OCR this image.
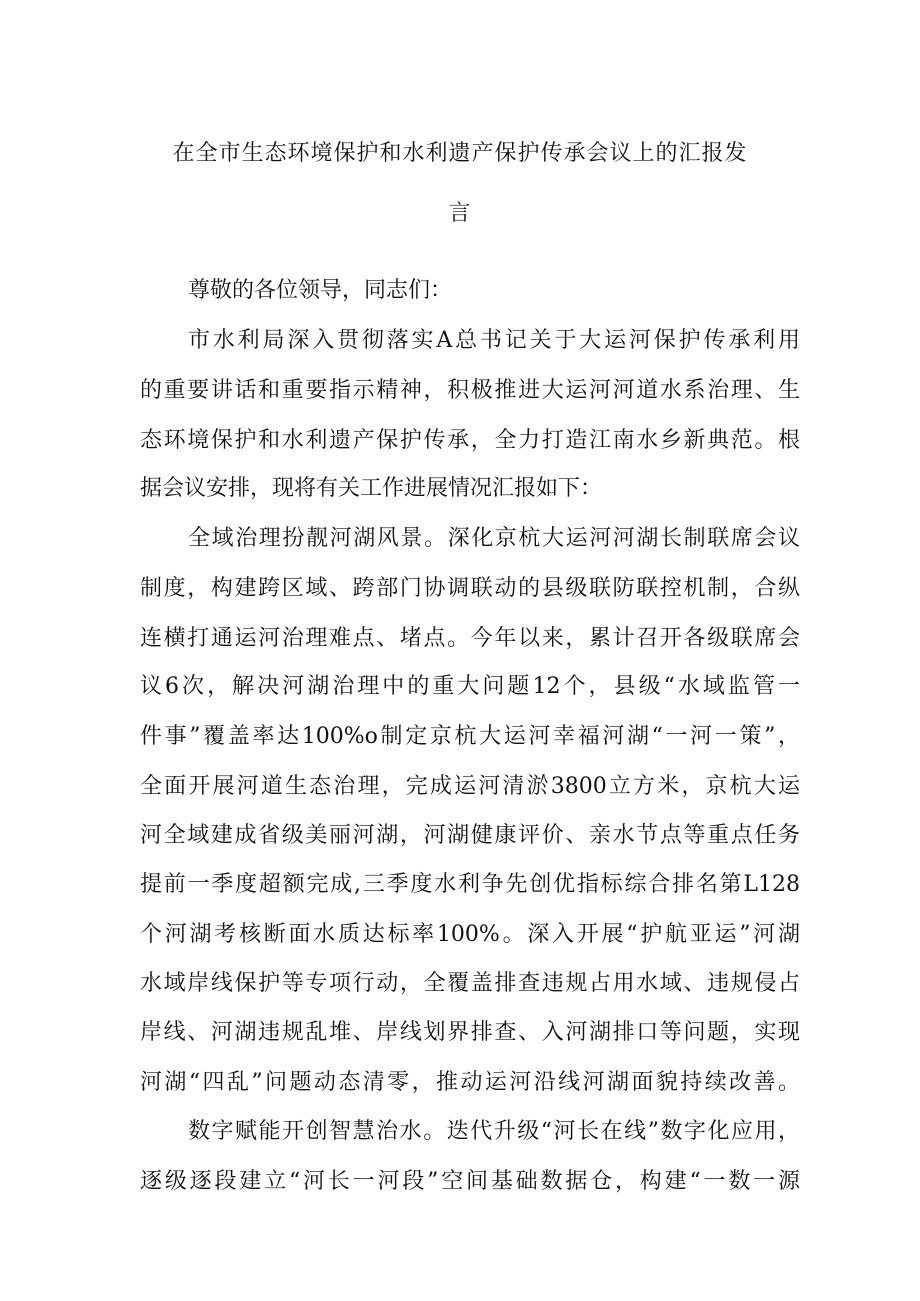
在全市生态环境保护和水利遗产保护传承会议上的汇报发
言
尊敬的各位领导，同志们：
市水利局深入贯彻落实A总书记关于大运河保护传承利用
的重要讲话和重要指示精神，积极推进大运河河道水系治理、生
态环境保护和水利遗产保护传承，全力打造江南水乡新典范。根
据会议安排，现将有关工作进展情况汇报如下：
全域治理扮靓河湖风景。深化京杭大运河河湖长制联席会议
制度，构建跨区域、跨部门协调联动的县级联防联控机制，合纵
连横打通运河治理难点、堵点。今年以来，累计召开各级联席会
议6次，解决河湖治理中的重大问题12个，县级“水域监管一
件事”覆盖率达100%o制定京杭大运河幸福河湖“一河一策”，
全面开展河道生态治理，完成运河清淤3800立方米，京杭大运
河全域建成省级美丽河湖，河湖健康评价、亲水节点等重点任务
提前一季度超额完成,三季度水利争先创优指标综合排名第L128
个河湖考核断面水质达标率100%。深入开展“护航亚运”河湖
水域岸线保护等专项行动，全覆盖排查违规占用水域、违规侵占
岸线、河湖违规乱堆、岸线划界排查、入河湖排口等问题，实现
河湖“四乱”问题动态清零，推动运河沿线河湖面貌持续改善。
数字赋能开创智慧治水。迭代升级“河长在线”数字化应用，
逐级逐段建立“河长一河段”空间基础数据仓，构建“一数一源
